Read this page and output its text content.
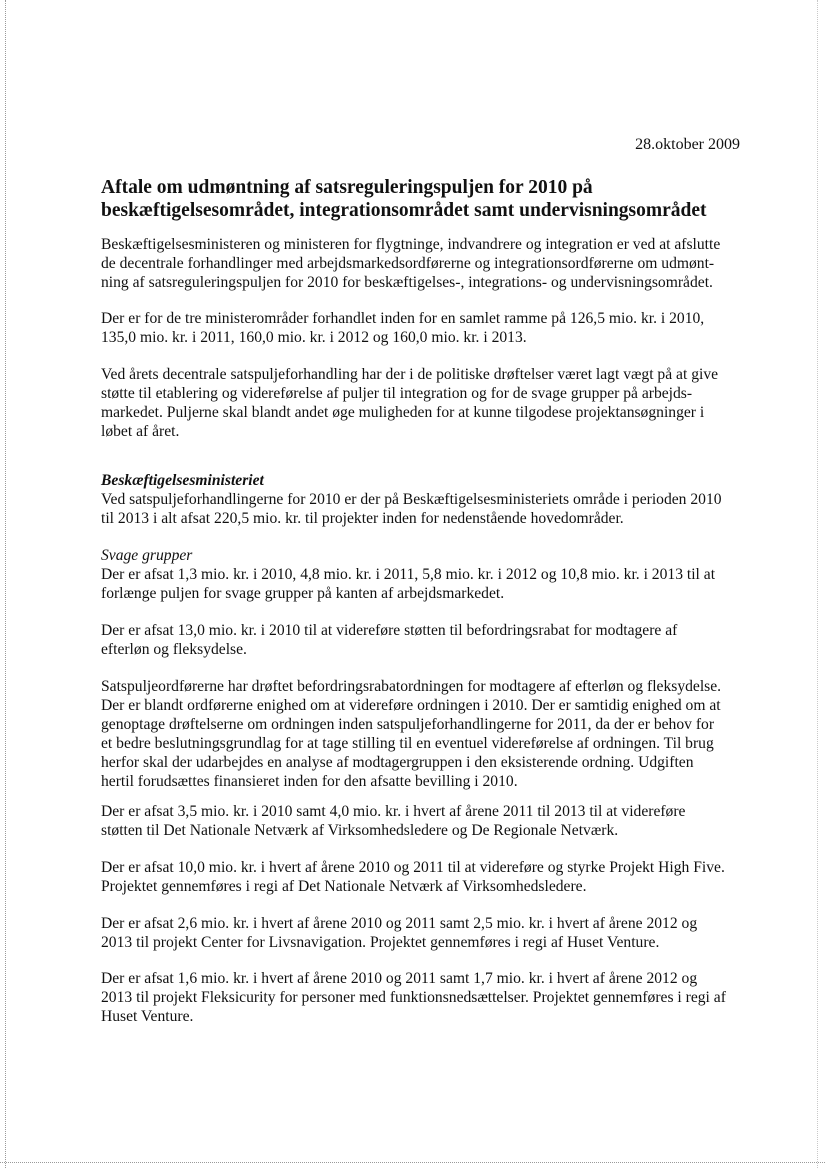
28.oktober 2009
Aftale om udmøntning af satsreguleringspuljen for 2010 på
beskæftigelsesområdet, integrationsområdet samt undervisningsområdet

Beskæftigelsesministeren og ministeren for flygtninge, indvandrere og integration er ved at afslutte
de decentrale forhandlinger med arbejdsmarkedsordførerne og integrationsordførerne om udmønt-
ning af satsreguleringspuljen for 2010 for beskæftigelses-, integrations- og undervisningsområdet.

Der er for de tre ministerområder forhandlet inden for en samlet ramme på 126,5 mio. kr. i 2010,
135,0 mio. kr. i 2011, 160,0 mio. kr. i 2012 og 160,0 mio. kr. i 2013.

Ved årets decentrale satspuljeforhandling har der i de politiske drøftelser været lagt vægt på at give
støtte til etablering og videreførelse af puljer til integration og for de svage grupper på arbejds-
markedet. Puljerne skal blandt andet øge muligheden for at kunne tilgodese projektansøgninger i
løbet af året.

Beskæftigelsesministeriet
Ved satspuljeforhandlingerne for 2010 er der på Beskæftigelsesministeriets område i perioden 2010
til 2013 i alt afsat 220,5 mio. kr. til projekter inden for nedenstående hovedområder.

Svage grupper
Der er afsat 1,3 mio. kr. i 2010, 4,8 mio. kr. i 2011, 5,8 mio. kr. i 2012 og 10,8 mio. kr. i 2013 til at
forlænge puljen for svage grupper på kanten af arbejdsmarkedet.

Der er afsat 13,0 mio. kr. i 2010 til at videreføre støtten til befordringsrabat for modtagere af
efterløn og fleksydelse.

Satspuljeordførerne har drøftet befordringsrabatordningen for modtagere af efterløn og fleksydelse.
Der er blandt ordførerne enighed om at videreføre ordningen i 2010. Der er samtidig enighed om at
genoptage drøftelserne om ordningen inden satspuljeforhandlingerne for 2011, da der er behov for
et bedre beslutningsgrundlag for at tage stilling til en eventuel videreførelse af ordningen. Til brug
herfor skal der udarbejdes en analyse af modtagergruppen i den eksisterende ordning. Udgiften
hertil forudsættes finansieret inden for den afsatte bevilling i 2010.

Der er afsat 3,5 mio. kr. i 2010 samt 4,0 mio. kr. i hvert af årene 2011 til 2013 til at videreføre
støtten til Det Nationale Netværk af Virksomhedsledere og De Regionale Netværk.

Der er afsat 10,0 mio. kr. i hvert af årene 2010 og 2011 til at videreføre og styrke Projekt High Five.
Projektet gennemføres i regi af Det Nationale Netværk af Virksomhedsledere.

Der er afsat 2,6 mio. kr. i hvert af årene 2010 og 2011 samt 2,5 mio. kr. i hvert af årene 2012 og
2013 til projekt Center for Livsnavigation. Projektet gennemføres i regi af Huset Venture.

Der er afsat 1,6 mio. kr. i hvert af årene 2010 og 2011 samt 1,7 mio. kr. i hvert af årene 2012 og
2013 til projekt Fleksicurity for personer med funktionsnedsættelser. Projektet gennemføres i regi af
Huset Venture.
